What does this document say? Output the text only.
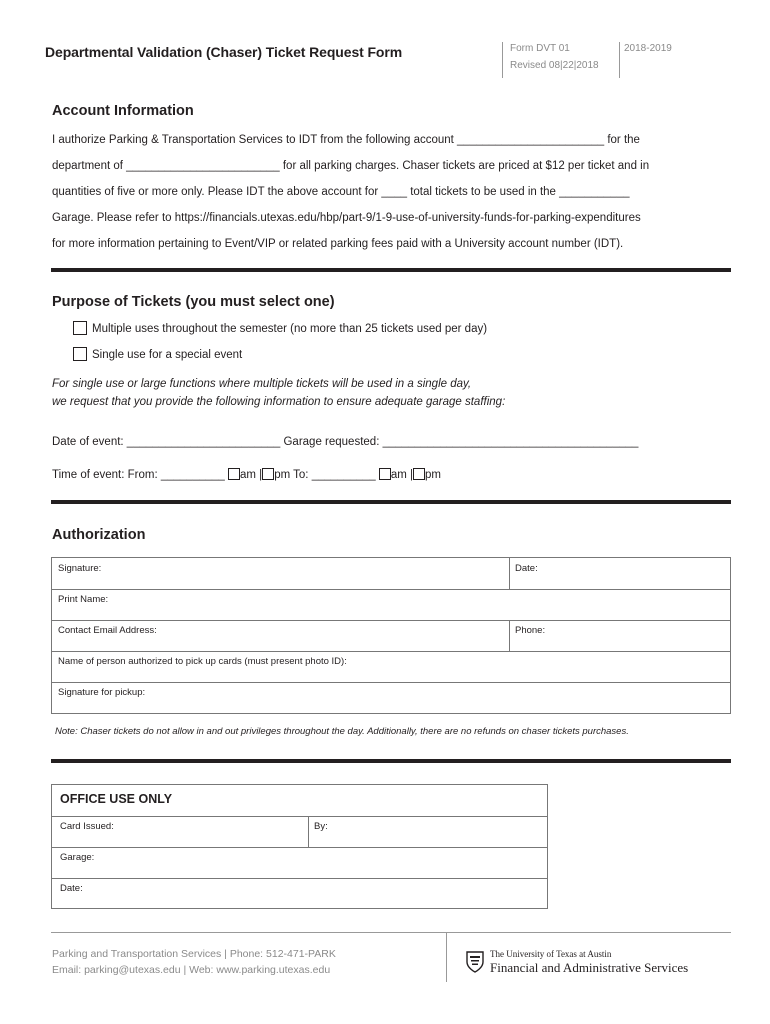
Departmental Validation (Chaser) Ticket Request Form	Form DVT 01
Revised 08|22|2018
2018-2019
Account Information
I authorize Parking & Transportation Services to IDT from the following account _______________________ for the
department of ________________________ for all parking charges. Chaser tickets are priced at $12 per ticket and in
quantities of five or more only. Please IDT the above account for ____ total tickets to be used in the ___________
Garage. Please refer to https://financials.utexas.edu/hbp/part-9/1-9-use-of-university-funds-for-parking-expenditures
for more information pertaining to Event/VIP or related parking fees paid with a University account number (IDT).
Purpose of Tickets (you must select one)
Multiple uses throughout the semester (no more than 25 tickets used per day)
Single use for a special event
For single use or large functions where multiple tickets will be used in a single day,
we request that you provide the following information to ensure adequate garage staffing:
Date of event: ________________________ Garage requested: ________________________________________
Time of event: From: __________ am | pm To: __________ am | pm
Authorization
Signature:	Date:
Print Name:
Contact Email Address:	Phone:
Name of person authorized to pick up cards (must present photo ID):
Signature for pickup:
Note: Chaser tickets do not allow in and out privileges throughout the day. Additionally, there are no refunds on chaser tickets purchases.
OFFICE USE ONLY
Card Issued:	By:
Garage:
Date:
Parking and Transportation Services | Phone: 512-471-PARK
Email: parking@utexas.edu | Web: www.parking.utexas.edu
The University of Texas at Austin
Financial and Administrative Services
